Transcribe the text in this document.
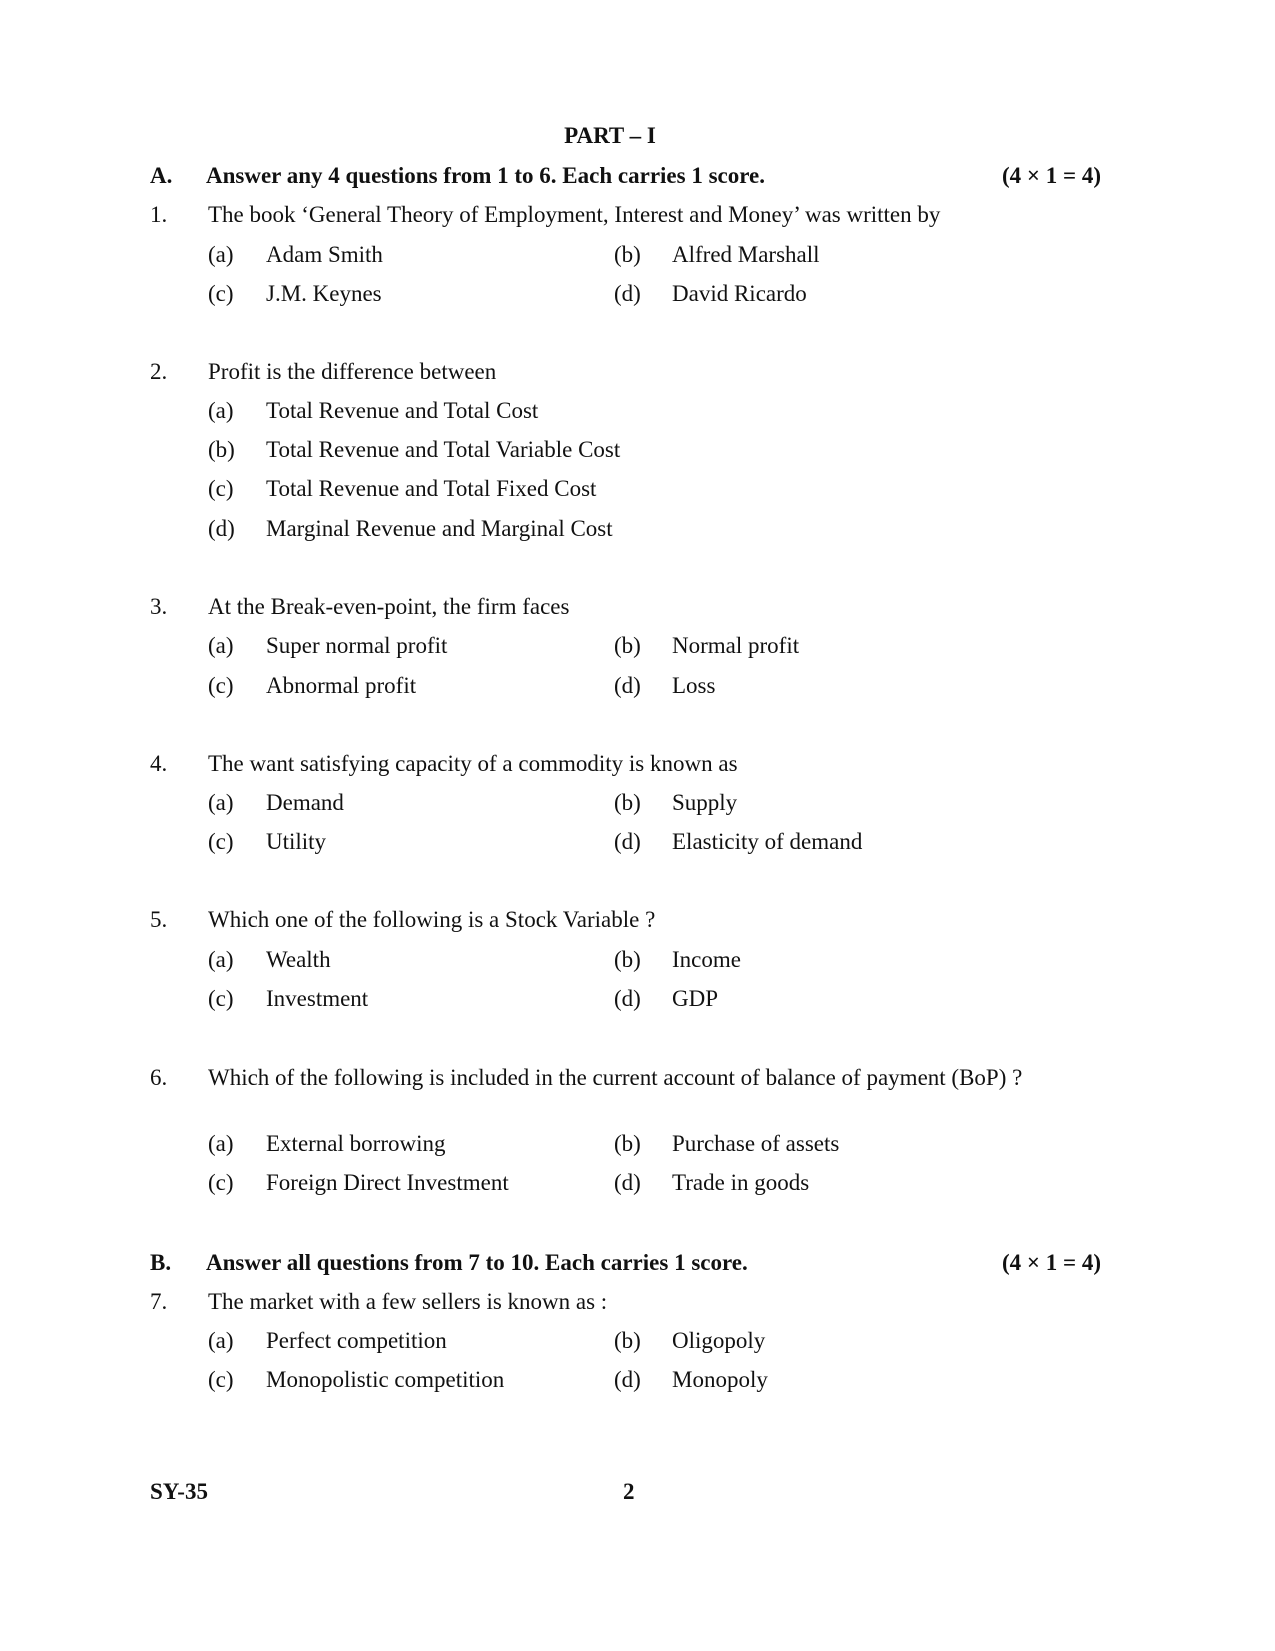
PART – I
A. Answer any 4 questions from 1 to 6. Each carries 1 score.	(4 × 1 = 4)
1. The book ‘General Theory of Employment, Interest and Money’ was written by
(a) Adam Smith	(b) Alfred Marshall
(c) J.M. Keynes	(d) David Ricardo
2. Profit is the difference between
(a) Total Revenue and Total Cost
(b) Total Revenue and Total Variable Cost
(c) Total Revenue and Total Fixed Cost
(d) Marginal Revenue and Marginal Cost
3. At the Break-even-point, the firm faces
(a) Super normal profit	(b) Normal profit
(c) Abnormal profit	(d) Loss
4. The want satisfying capacity of a commodity is known as
(a) Demand	(b) Supply
(c) Utility	(d) Elasticity of demand
5. Which one of the following is a Stock Variable ?
(a) Wealth	(b) Income
(c) Investment	(d) GDP
6. Which of the following is included in the current account of balance of payment (BoP) ?
(a) External borrowing	(b) Purchase of assets
(c) Foreign Direct Investment	(d) Trade in goods
B. Answer all questions from 7 to 10. Each carries 1 score.	(4 × 1 = 4)
7. The market with a few sellers is known as :
(a) Perfect competition	(b) Oligopoly
(c) Monopolistic competition	(d) Monopoly
SY-35	2
